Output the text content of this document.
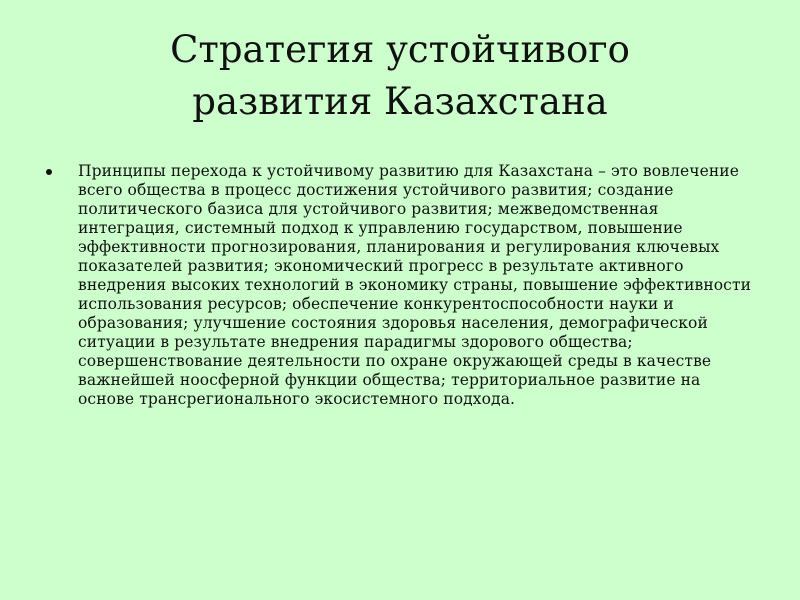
Стратегия устойчивого
развития Казахстана
Принципы перехода к устойчивому развитию для Казахстана – это вовлечение всего общества в процесс достижения устойчивого развития; создание политического базиса для устойчивого развития; межведомственная интеграция, системный подход к управлению государством, повышение эффективности прогнозирования, планирования и регулирования ключевых показателей развития; экономический прогресс в результате активного внедрения высоких технологий в экономику страны, повышение эффективности использования ресурсов; обеспечение конкурентоспособности науки и образования; улучшение состояния здоровья населения, демографической ситуации в результате внедрения парадигмы здорового общества; совершенствование деятельности по охране окружающей среды в качестве важнейшей ноосферной функции общества; территориальное развитие на основе трансрегионального экосистемного подхода.
